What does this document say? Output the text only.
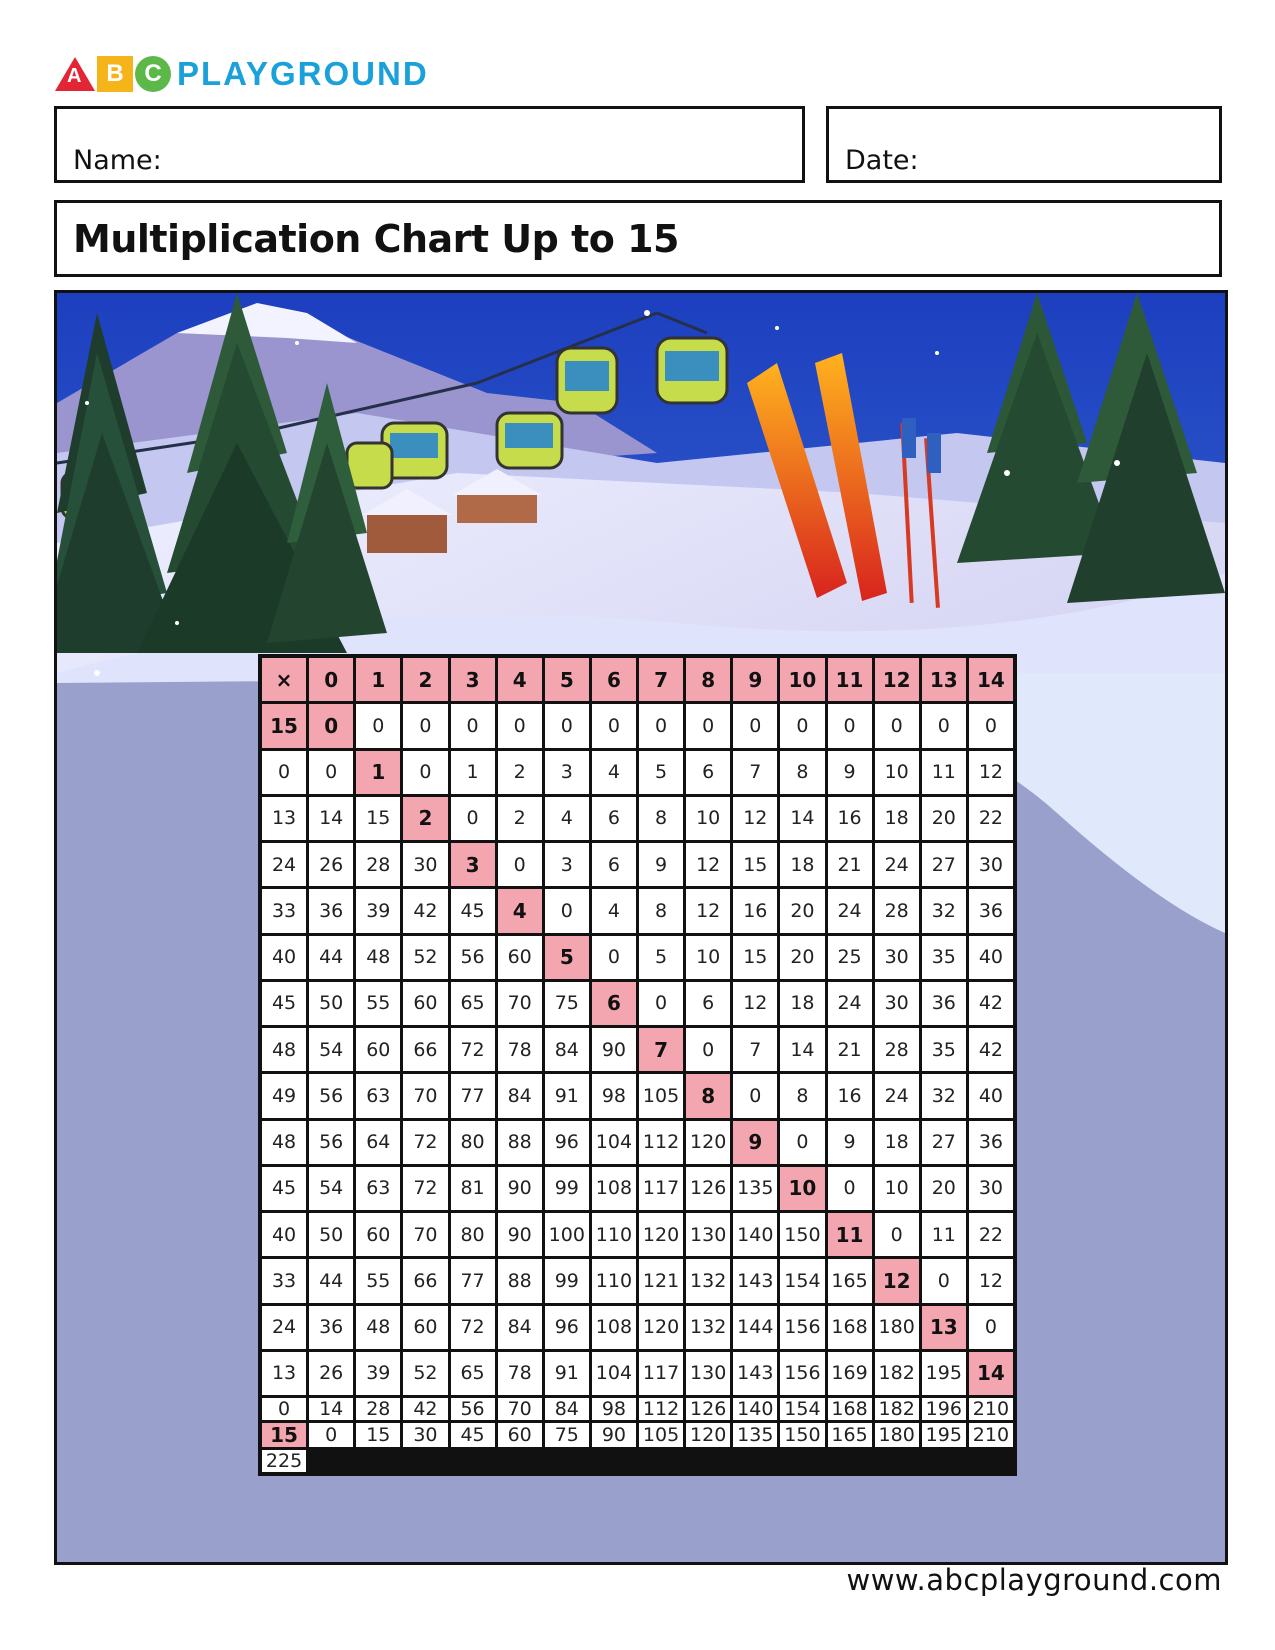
A	B C PLAYGROUND
Name:	Date:
Multiplication Chart Up to 15
×	0	1	2	3	4	5	6	7	8	9	10 11 12 13 14
15	0	0	0	0	0	0	0	0	0	0	0	0	0	0	0
0	0	1	0	1	2	3	4	5	6	7	8	9	10	11	12
13	14	15	2	0	2	4	6	8	10	12	14	16	18	20	22
24	26	28	30	3	0	3	6	9	12	15	18	21	24	27	30
33	36	39	42	45	4	0	4	8	12	16	20	24	28	32	36
40	44	48	52	56	60	5	0	5	10	15	20	25	30	35	40
45	50	55	60	65	70	75	6	0	6	12	18	24	30	36	42
48	54	60	66	72	78	84	90	7	0	7	14	21	28	35	42
49	56	63	70	77	84	91	98 105	8	0	8	16	24	32	40
48	56	64	72	80	88	96 104 112 120	9	0	9	18	27	36
45	54	63	72	81	90	99 108 117 126 135 10	0	10	20	30
40	50	60	70	80	90 100 110 120 130 140 150 11	0	11	22
33	44	55	66	77	88	99 110 121 132 143 154 165 12	0	12
24	36	48	60	72	84	96 108 120 132 144 156 168 180 13	0
13	26	39	52	65	78	91 104 117 130 143 156 169 182 195 14
0	14	28	42	56	70	84	98 112 126 140 154 168 182 196 210
15	0	15	30	45	60	75	90 105 120 135 150 165 180 195 210
225
www.abcplayground.com
